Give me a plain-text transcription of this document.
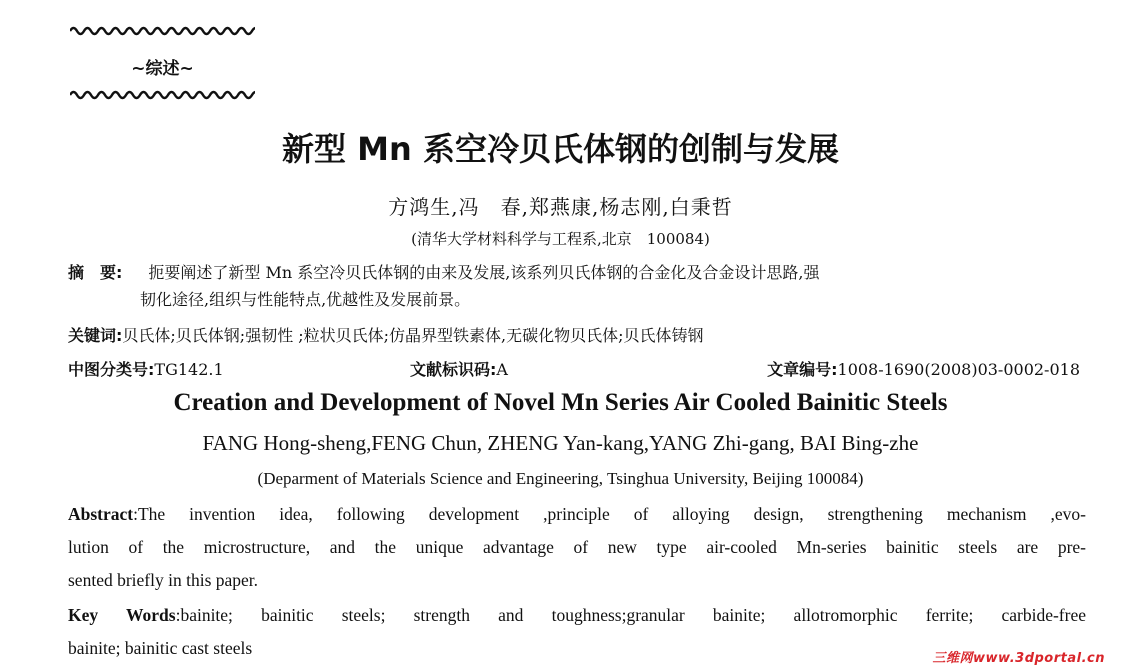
~综述~
新型 Mn 系空冷贝氏体钢的创制与发展
方鸿生,冯　春,郑燕康,杨志刚,白秉哲
(清华大学材料科学与工程系,北京　100084)
摘　要: 扼要阐述了新型 Mn 系空冷贝氏体钢的由来及发展,该系列贝氏体钢的合金化及合金设计思路,强
韧化途径,组织与性能特点,优越性及发展前景。
关键词:贝氏体;贝氏体钢;强韧性 ;粒状贝氏体;仿晶界型铁素体,无碳化物贝氏体;贝氏体铸钢
中图分类号:TG142.1	文献标识码:A	文章编号:1008-1690(2008)03-0002-018
Creation and Development of Novel Mn Series Air Cooled Bainitic Steels
FANG Hong-sheng,FENG Chun, ZHENG Yan-kang,YANG Zhi-gang, BAI Bing-zhe
(Deparment of Materials Science and Engineering, Tsinghua University, Beijing 100084)
Abstract:The invention idea, following development ,principle of alloying design, strengthening mechanism ,evo-
lution of the microstructure, and the unique advantage of new type air-cooled Mn-series bainitic steels are pre-
sented briefly in this paper.
Key Words:bainite; bainitic steels; strength and toughness;granular bainite; allotromorphic ferrite; carbide-free
bainite; bainitic cast steels
三维网www.3dportal.cn
